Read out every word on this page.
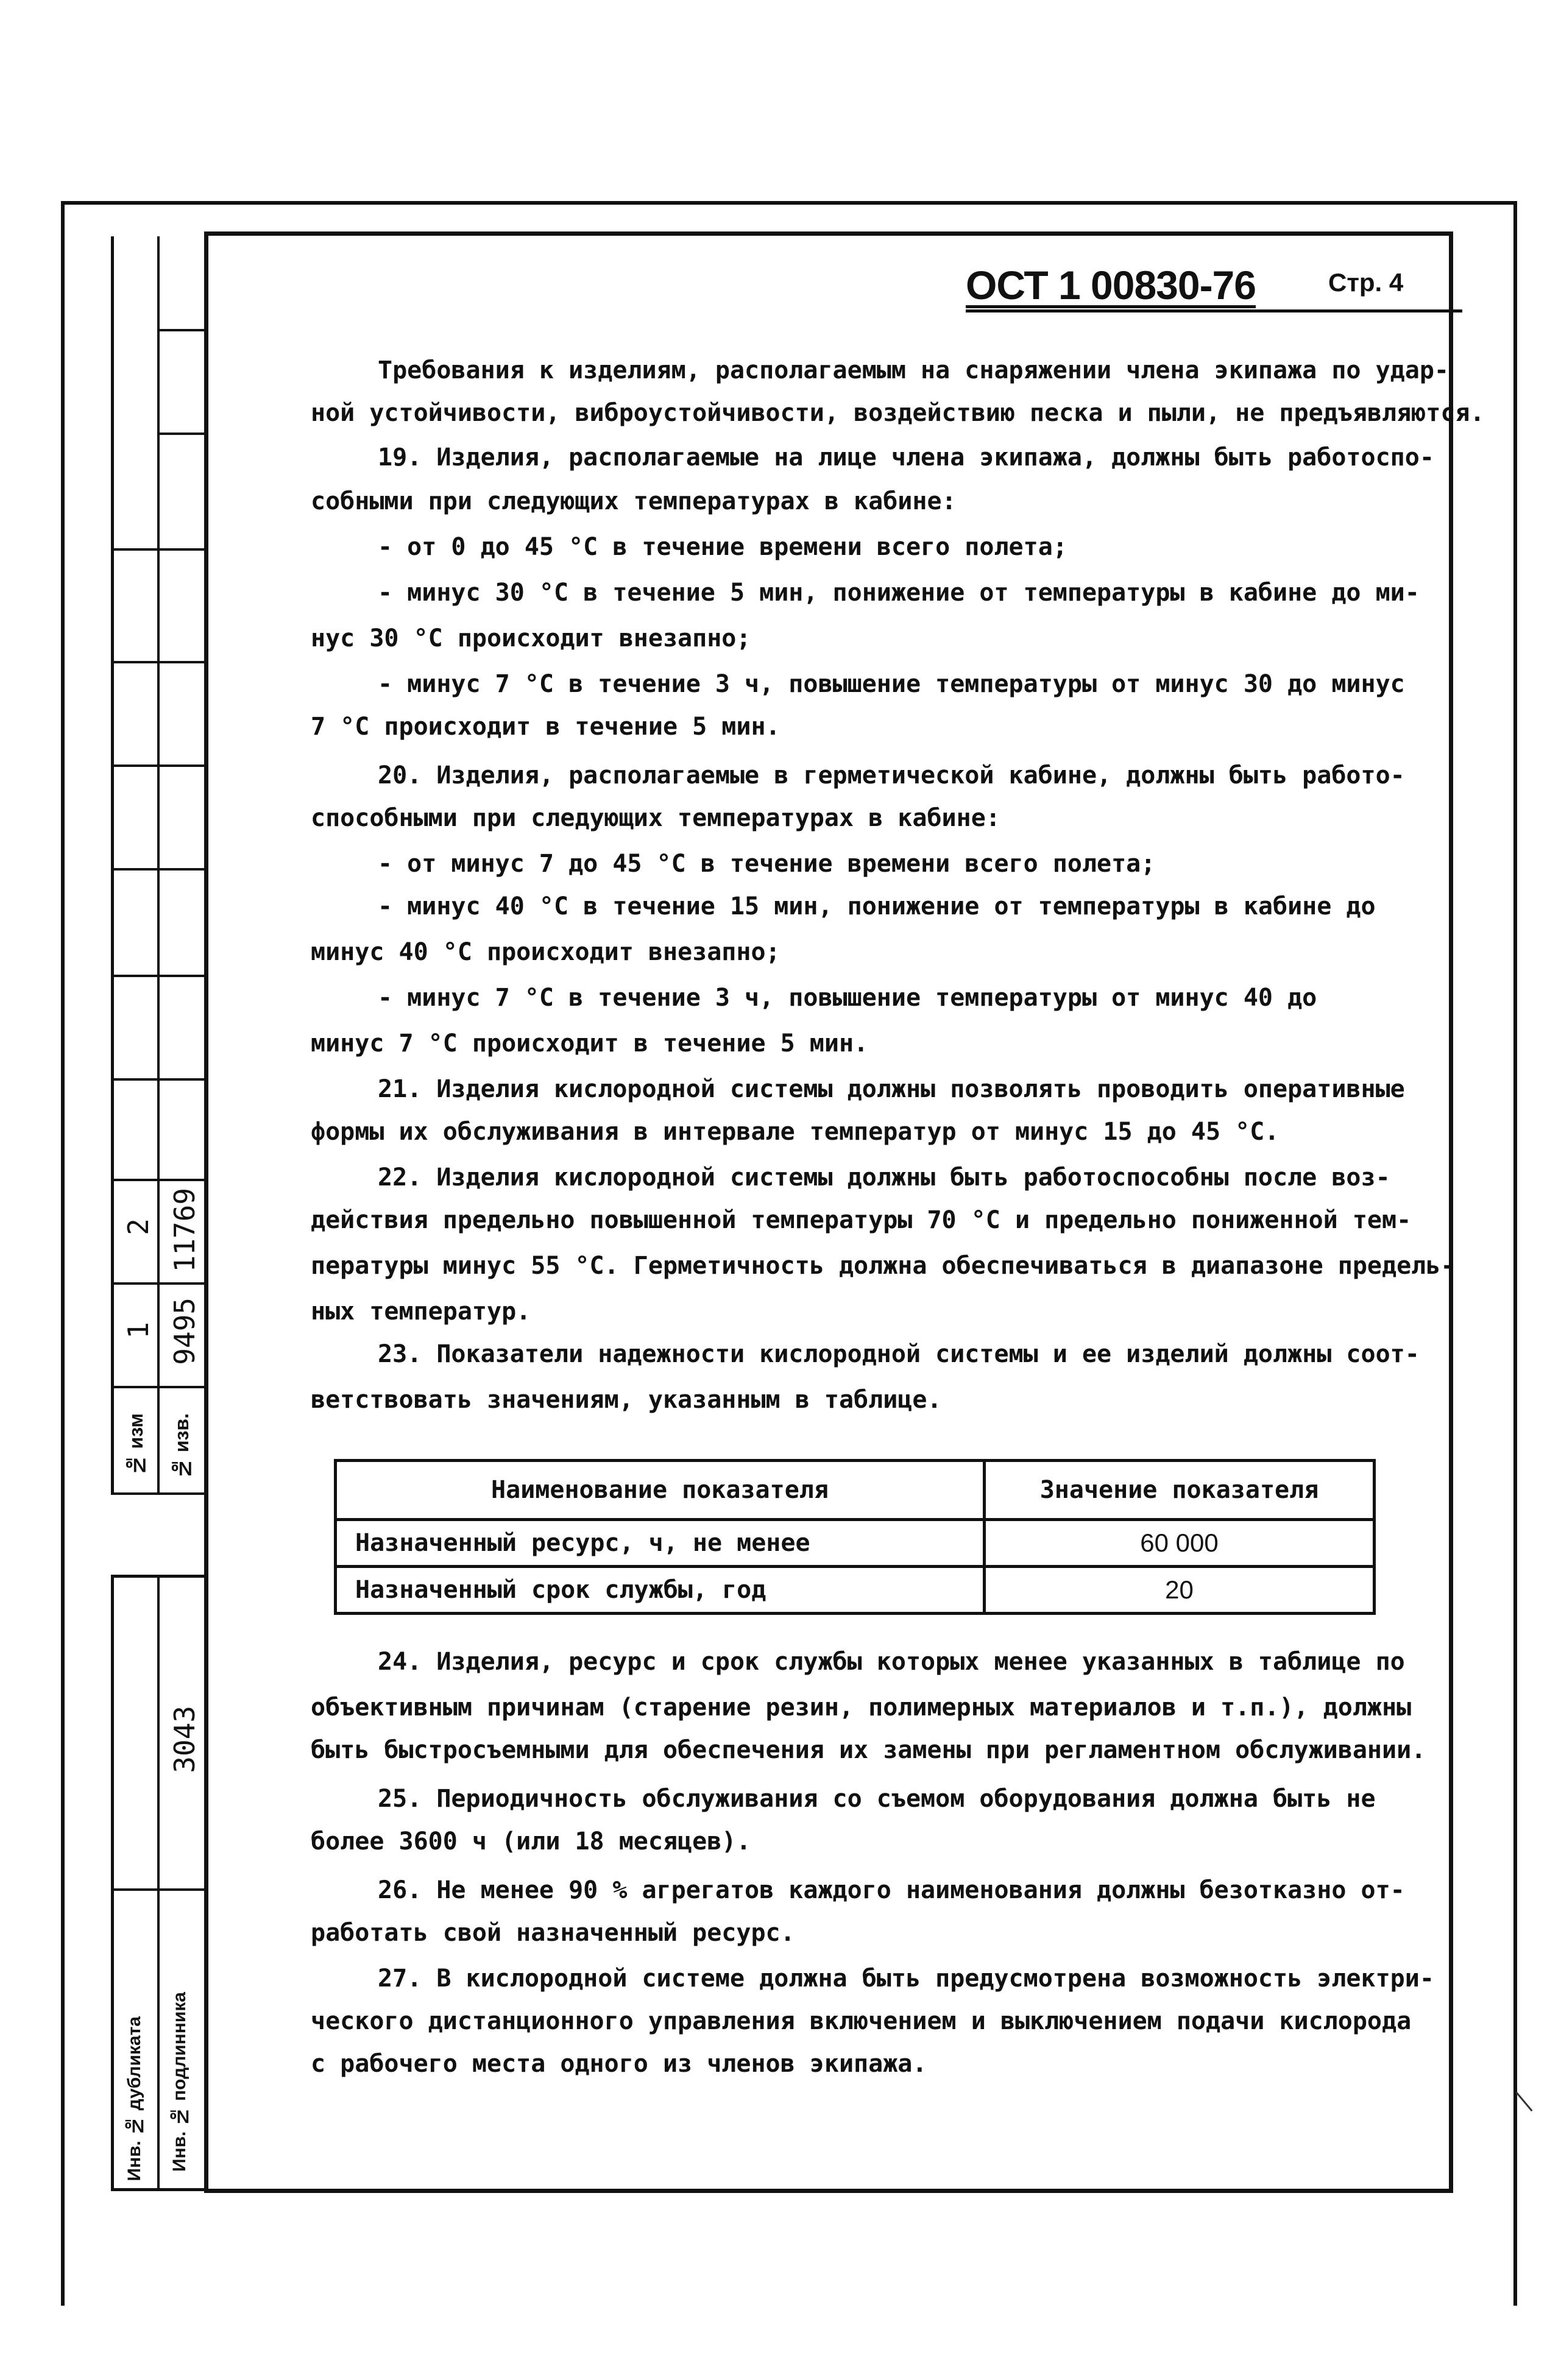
№ изм № изв.
1 9495
2 11769
3043
Инв. № дубликата Инв. № подлинника
ОСТ 1 00830-76	Стр. 4
Требования к изделиям, располагаемым на снаряжении члена экипажа по удар-
ной устойчивости, виброустойчивости, воздействию песка и пыли, не предъявляются.
19. Изделия, располагаемые на лице члена экипажа, должны быть работоспо-
собными при следующих температурах в кабине:
- от 0 до 45 °С в течение времени всего полета;
- минус 30 °С в течение 5 мин, понижение от температуры в кабине до ми-
нус 30 °С происходит внезапно;
- минус 7 °С в течение 3 ч, повышение температуры от минус 30 до минус
7 °С происходит в течение 5 мин.
20. Изделия, располагаемые в герметической кабине, должны быть работо-
способными при следующих температурах в кабине:
- от минус 7 до 45 °С в течение времени всего полета;
- минус 40 °С в течение 15 мин, понижение от температуры в кабине до
минус 40 °С происходит внезапно;
- минус 7 °С в течение 3 ч, повышение температуры от минус 40 до
минус 7 °С происходит в течение 5 мин.
21. Изделия кислородной системы должны позволять проводить оперативные
формы их обслуживания в интервале температур от минус 15 до 45 °С.
22. Изделия кислородной системы должны быть работоспособны после воз-
действия предельно повышенной температуры 70 °С и предельно пониженной тем-
пературы минус 55 °С. Герметичность должна обеспечиваться в диапазоне предель-
ных температур.
23. Показатели надежности кислородной системы и ее изделий должны соот-
ветствовать значениям, указанным в таблице.
Наименование показателя	Значение показателя
Назначенный ресурс, ч, не менее	60 000
Назначенный срок службы, год	20
24. Изделия, ресурс и срок службы которых менее указанных в таблице по
объективным причинам (старение резин, полимерных материалов и т.п.), должны
быть быстросъемными для обеспечения их замены при регламентном обслуживании.
25. Периодичность обслуживания со съемом оборудования должна быть не
более 3600 ч (или 18 месяцев).
26. Не менее 90 % агрегатов каждого наименования должны безотказно от-
работать свой назначенный ресурс.
27. В кислородной системе должна быть предусмотрена возможность электри-
ческого дистанционного управления включением и выключением подачи кислорода
с рабочего места одного из членов экипажа.
